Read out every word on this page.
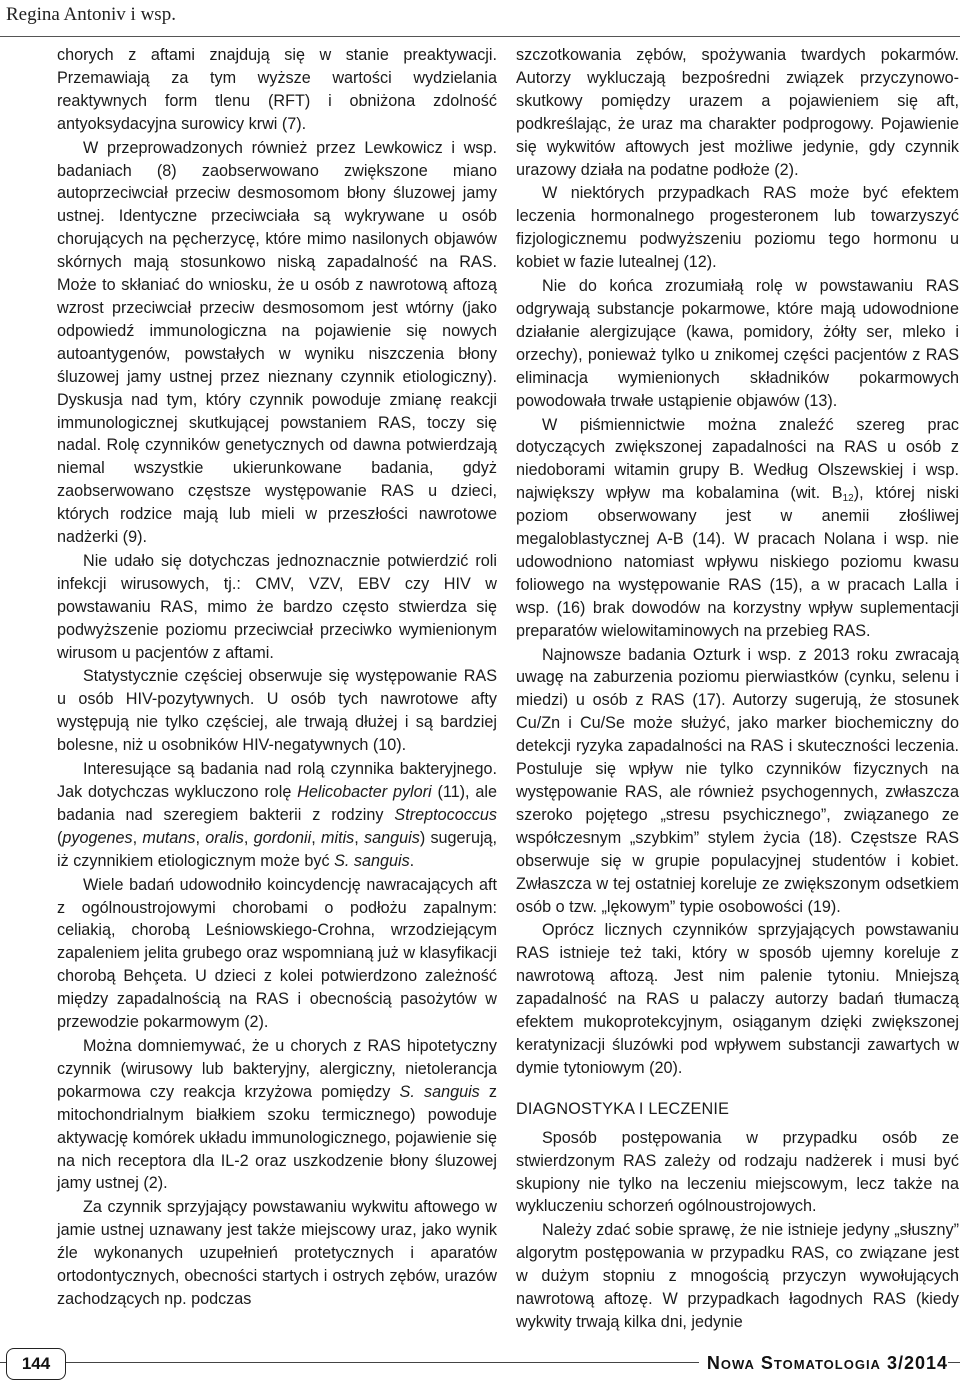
Regina Antoniv i wsp.

chorych z aftami znajdują się w stanie preaktywacji. Przemawiają za tym wyższe wartości wydzielania reaktywnych form tlenu (RFT) i obniżona zdolność antyoksydacyjna surowicy krwi (7).

W przeprowadzonych również przez Lewkowicz i wsp. badaniach (8) zaobserwowano zwiększone miano autoprzeciwciał przeciw desmosomom błony śluzowej jamy ustnej. Identyczne przeciwciała są wykrywane u osób chorujących na pęcherzycę, które mimo nasilonych objawów skórnych mają stosunkowo niską zapadalność na RAS. Może to skłaniać do wniosku, że u osób z nawrotową aftozą wzrost przeciwciał przeciw desmosomom jest wtórny (jako odpowiedź immunologiczna na pojawienie się nowych autoantygenów, powstałych w wyniku niszczenia błony śluzowej jamy ustnej przez nieznany czynnik etiologiczny). Dyskusja nad tym, który czynnik powoduje zmianę reakcji immunologicznej skutkującej powstaniem RAS, toczy się nadal. Rolę czynników genetycznych od dawna potwierdzają niemal wszystkie ukierunkowane badania, gdyż zaobserwowano częstsze występowanie RAS u dzieci, których rodzice mają lub mieli w przeszłości nawrotowe nadżerki (9).

Nie udało się dotychczas jednoznacznie potwierdzić roli infekcji wirusowych, tj.: CMV, VZV, EBV czy HIV w powstawaniu RAS, mimo że bardzo często stwierdza się podwyższenie poziomu przeciwciał przeciwko wymienionym wirusom u pacjentów z aftami.

Statystycznie częściej obserwuje się występowanie RAS u osób HIV-pozytywnych. U osób tych nawrotowe afty występują nie tylko częściej, ale trwają dłużej i są bardziej bolesne, niż u osobników HIV-negatywnych (10).

Interesujące są badania nad rolą czynnika bakteryjnego. Jak dotychczas wykluczono rolę Helicobacter pylori (11), ale badania nad szeregiem bakterii z rodziny Streptococcus (pyogenes, mutans, oralis, gordonii, mitis, sanguis) sugerują, iż czynnikiem etiologicznym może być S. sanguis.

Wiele badań udowodniło koincydencję nawracających aft z ogólnoustrojowymi chorobami o podłożu zapalnym: celiakią, chorobą Leśniowskiego-Crohna, wrzodziejącym zapaleniem jelita grubego oraz wspomnianą już w klasyfikacji chorobą Behçeta. U dzieci z kolei potwierdzono zależność między zapadalnością na RAS i obecnością pasożytów w przewodzie pokarmowym (2).

Można domniemywać, że u chorych z RAS hipotetyczny czynnik (wirusowy lub bakteryjny, alergiczny, nietolerancja pokarmowa czy reakcja krzyżowa pomiędzy S. sanguis z mitochondrialnym białkiem szoku termicznego) powoduje aktywację komórek układu immunologicznego, pojawienie się na nich receptora dla IL-2 oraz uszkodzenie błony śluzowej jamy ustnej (2).

Za czynnik sprzyjający powstawaniu wykwitu aftowego w jamie ustnej uznawany jest także miejscowy uraz, jako wynik źle wykonanych uzupełnień protetycznych i aparatów ortodontycznych, obecności startych i ostrych zębów, urazów zachodzących np. podczas

szczotkowania zębów, spożywania twardych pokarmów. Autorzy wykluczają bezpośredni związek przyczynowo-skutkowy pomiędzy urazem a pojawieniem się aft, podkreślając, że uraz ma charakter podprogowy. Pojawienie się wykwitów aftowych jest możliwe jedynie, gdy czynnik urazowy działa na podatne podłoże (2).

W niektórych przypadkach RAS może być efektem leczenia hormonalnego progesteronem lub towarzyszyć fizjologicznemu podwyższeniu poziomu tego hormonu u kobiet w fazie lutealnej (12).

Nie do końca zrozumiałą rolę w powstawaniu RAS odgrywają substancje pokarmowe, które mają udowodnione działanie alergizujące (kawa, pomidory, żółty ser, mleko i orzechy), ponieważ tylko u znikomej części pacjentów z RAS eliminacja wymienionych składników pokarmowych powodowała trwałe ustąpienie objawów (13).

W piśmiennictwie można znaleźć szereg prac dotyczących zwiększonej zapadalności na RAS u osób z niedoborami witamin grupy B. Według Olszewskiej i wsp. największy wpływ ma kobalamina (wit. $B_{12}$), której niski poziom obserwowany jest w anemii złośliwej megaloblastycznej A-B (14). W pracach Nolana i wsp. nie udowodniono natomiast wpływu niskiego poziomu kwasu foliowego na występowanie RAS (15), a w pracach Lalla i wsp. (16) brak dowodów na korzystny wpływ suplementacji preparatów wielowitaminowych na przebieg RAS.

Najnowsze badania Ozturk i wsp. z 2013 roku zwracają uwagę na zaburzenia poziomu pierwiastków (cynku, selenu i miedzi) u osób z RAS (17). Autorzy sugerują, że stosunek Cu/Zn i Cu/Se może służyć, jako marker biochemiczny do detekcji ryzyka zapadalności na RAS i skuteczności leczenia. Postuluje się wpływ nie tylko czynników fizycznych na występowanie RAS, ale również psychogennych, zwłaszcza szeroko pojętego „stresu psychicznego”, związanego ze współczesnym „szybkim” stylem życia (18). Częstsze RAS obserwuje się w grupie populacyjnej studentów i kobiet. Zwłaszcza w tej ostatniej koreluje ze zwiększonym odsetkiem osób o tzw. „lękowym” typie osobowości (19).

Oprócz licznych czynników sprzyjających powstawaniu RAS istnieje też taki, który w sposób ujemny koreluje z nawrotową aftozą. Jest nim palenie tytoniu. Mniejszą zapadalność na RAS u palaczy autorzy badań tłumaczą efektem mukoprotekcyjnym, osiąganym dzięki zwiększonej keratynizacji śluzówki pod wpływem substancji zawartych w dymie tytoniowym (20).

DIAGNOSTYKA I LECZENIE

Sposób postępowania w przypadku osób ze stwierdzonym RAS zależy od rodzaju nadżerek i musi być skupiony nie tylko na leczeniu miejscowym, lecz także na wykluczeniu schorzeń ogólnoustrojowych.

Należy zdać sobie sprawę, że nie istnieje jedyny „słuszny” algorytm postępowania w przypadku RAS, co związane jest w dużym stopniu z mnogością przyczyn wywołujących nawrotową aftozę. W przypadkach łagodnych RAS (kiedy wykwity trwają kilka dni, jedynie

144	Nowa Stomatologia 3/2014
